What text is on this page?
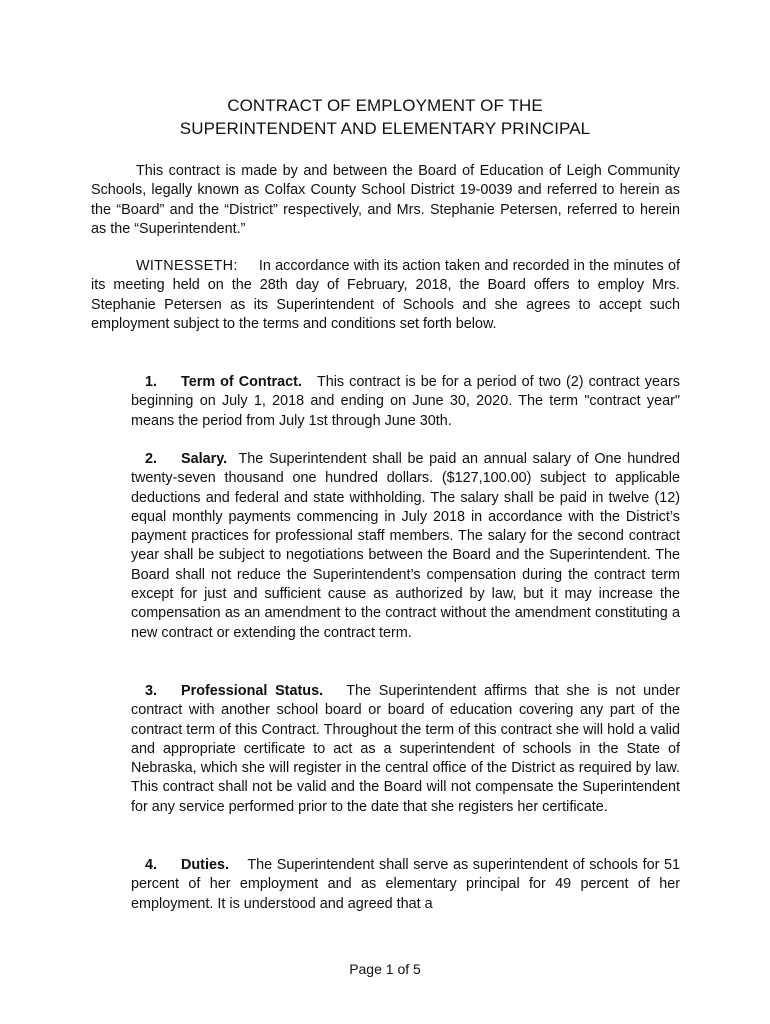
CONTRACT OF EMPLOYMENT OF THE
SUPERINTENDENT AND ELEMENTARY PRINCIPAL

This contract is made by and between the Board of Education of Leigh Community Schools, legally known as Colfax County School District 19-0039 and referred to herein as the “Board” and the “District” respectively, and Mrs. Stephanie Petersen, referred to herein as the “Superintendent.”

WITNESSETH: In accordance with its action taken and recorded in the minutes of its meeting held on the 28th day of February, 2018, the Board offers to employ Mrs. Stephanie Petersen as its Superintendent of Schools and she agrees to accept such employment subject to the terms and conditions set forth below.

1. Term of Contract. This contract is be for a period of two (2) contract years beginning on July 1, 2018 and ending on June 30, 2020. The term "contract year" means the period from July 1st through June 30th.

2. Salary. The Superintendent shall be paid an annual salary of One hundred twenty-seven thousand one hundred dollars. ($127,100.00) subject to applicable deductions and federal and state withholding. The salary shall be paid in twelve (12) equal monthly payments commencing in July 2018 in accordance with the District’s payment practices for professional staff members. The salary for the second contract year shall be subject to negotiations between the Board and the Superintendent. The Board shall not reduce the Superintendent’s compensation during the contract term except for just and sufficient cause as authorized by law, but it may increase the compensation as an amendment to the contract without the amendment constituting a new contract or extending the contract term.

3. Professional Status. The Superintendent affirms that she is not under contract with another school board or board of education covering any part of the contract term of this Contract. Throughout the term of this contract she will hold a valid and appropriate certificate to act as a superintendent of schools in the State of Nebraska, which she will register in the central office of the District as required by law. This contract shall not be valid and the Board will not compensate the Superintendent for any service performed prior to the date that she registers her certificate.

4. Duties. The Superintendent shall serve as superintendent of schools for 51 percent of her employment and as elementary principal for 49 percent of her employment. It is understood and agreed that a

Page 1 of 5
